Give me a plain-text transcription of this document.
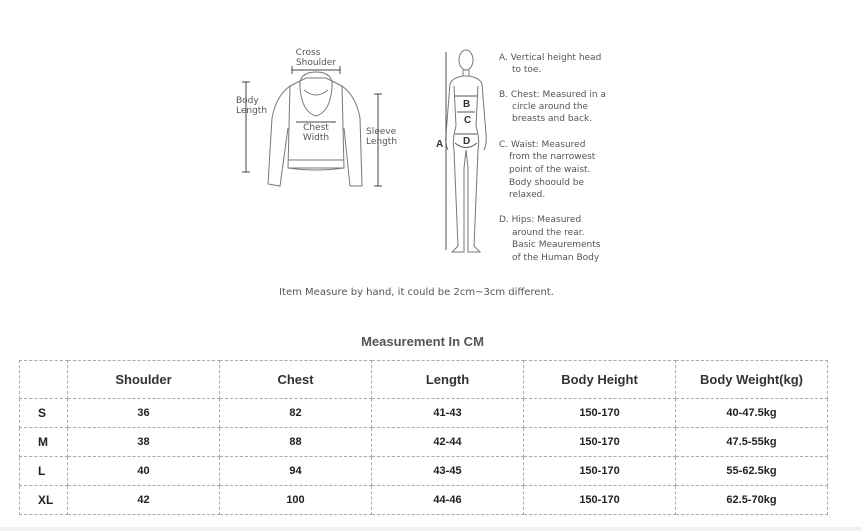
Cross
Shoulder
Body
Length
Chest
Width
Sleeve
Length	A
B
C
D
A. Vertical height head
to toe.
B. Chest: Measured in a
circle around the
breasts and back.
C. Waist: Measured
from the narrowest
point of the waist.
Body shoould be
relaxed.
D. Hips: Measured
around the rear.
Basic Meaurements
of the Human Body
Item Measure by hand, it could be 2cm~3cm different.
Measurement In CM
	Shoulder	Chest	Length	Body Height	Body Weight(kg)
S	36	82	41-43	150-170	40-47.5kg
M	38	88	42-44	150-170	47.5-55kg
L	40	94	43-45	150-170	55-62.5kg
XL	42	100	44-46	150-170	62.5-70kg
